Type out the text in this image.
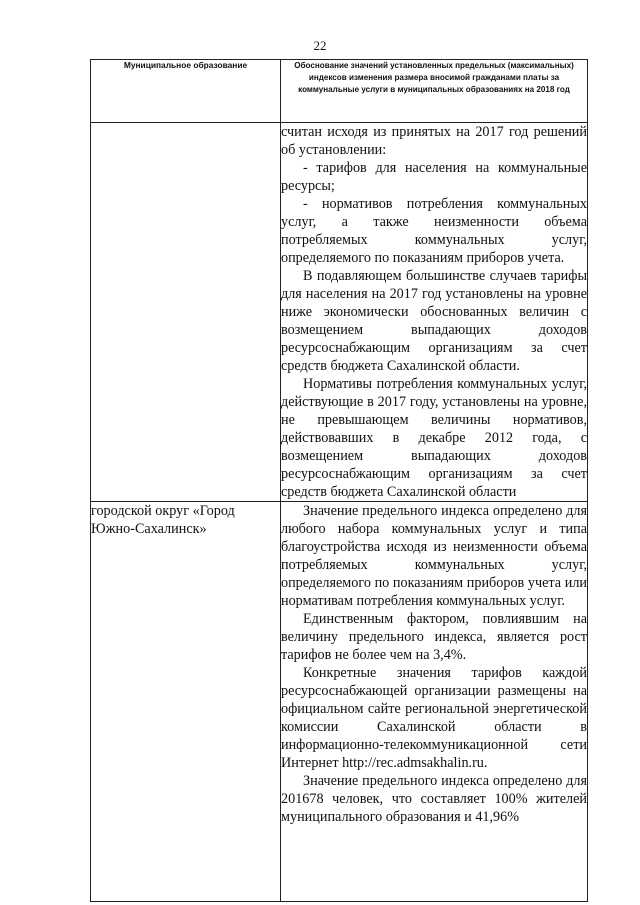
22
Муниципальное образование	Обоснование значений установленных предельных (максимальных) индексов изменения размера вносимой гражданами платы за коммунальные услуги в муниципальных образованиях на 2018 год

	считан исходя из принятых на 2017 год решений об установлении:

- тарифов для населения на коммунальные ресурсы;

- нормативов потребления коммунальных услуг, а также неизменности объема потребляемых коммунальных услуг, определяемого по показаниям приборов учета.

В подавляющем большинстве случаев тарифы для населения на 2017 год установлены на уровне ниже экономически обоснованных величин с возмещением выпадающих доходов ресурсоснабжающим организациям за счет средств бюджета Сахалинской области.

Нормативы потребления коммунальных услуг, действующие в 2017 году, установлены на уровне, не превышающем величины нормативов, действовавших в декабре 2012 года, с возмещением выпадающих доходов ресурсоснабжающим организациям за счет средств бюджета Сахалинской области

городской округ «Город Южно-Сахалинск»	Значение предельного индекса определено для любого набора коммунальных услуг и типа благоустройства исходя из неизменности объема потребляемых коммунальных услуг, определяемого по показаниям приборов учета или нормативам потребления коммунальных услуг.

Единственным фактором, повлиявшим на величину предельного индекса, является рост тарифов не более чем на 3,4%.

Конкретные значения тарифов каждой ресурсоснабжающей организации размещены на официальном сайте региональной энергетической комиссии Сахалинской области в информационно-телекоммуникационной сети Интернет http://rec.admsakhalin.ru.

Значение предельного индекса определено для 201678 человек, что составляет 100% жителей муниципального образования и 41,96%
